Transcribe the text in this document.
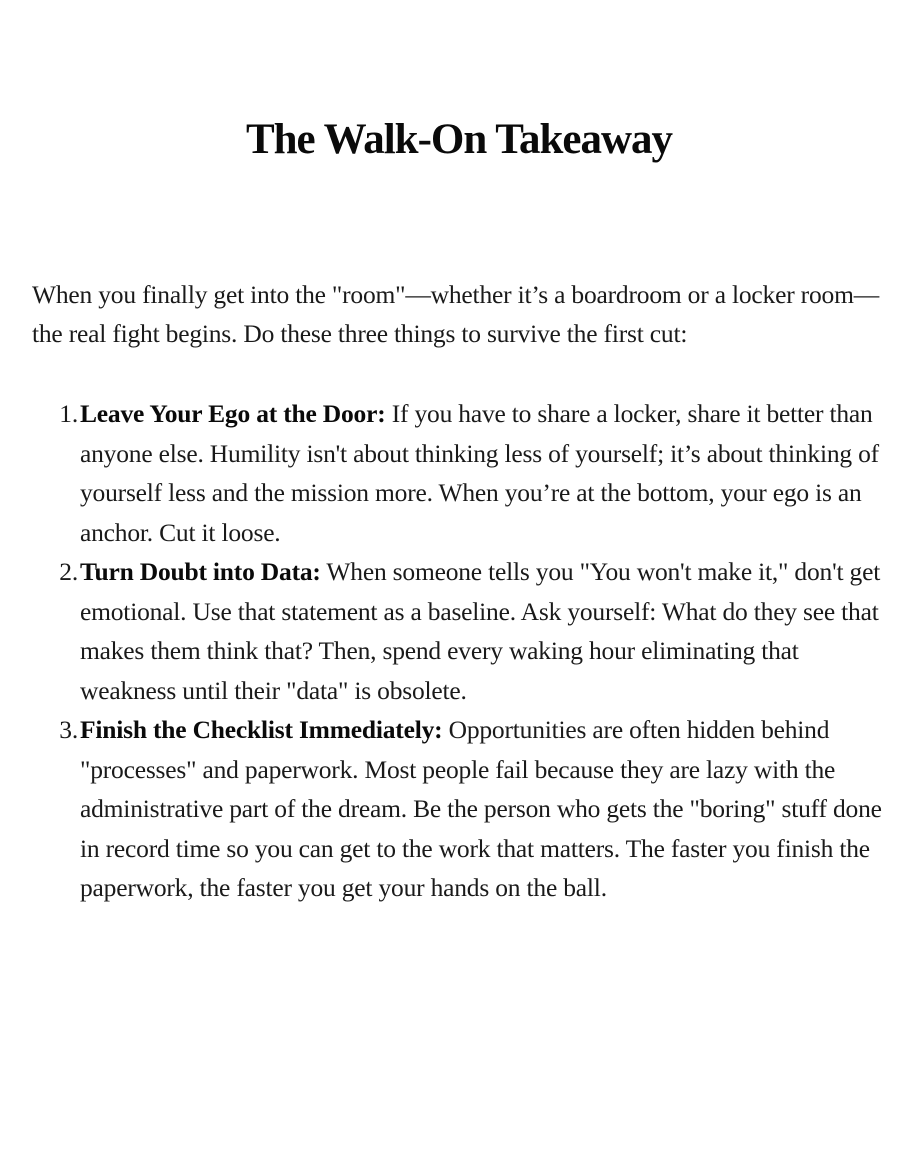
The Walk-On Takeaway

When you finally get into the "room"—whether it’s a boardroom or a locker room—the real fight begins. Do these three things to survive the first cut:

1. Leave Your Ego at the Door: If you have to share a locker, share it better than anyone else. Humility isn't about thinking less of yourself; it’s about thinking of yourself less and the mission more. When you’re at the bottom, your ego is an anchor. Cut it loose.
2. Turn Doubt into Data: When someone tells you "You won't make it," don't get emotional. Use that statement as a baseline. Ask yourself: What do they see that makes them think that? Then, spend every waking hour eliminating that weakness until their "data" is obsolete.
3. Finish the Checklist Immediately: Opportunities are often hidden behind "processes" and paperwork. Most people fail because they are lazy with the administrative part of the dream. Be the person who gets the "boring" stuff done in record time so you can get to the work that matters. The faster you finish the paperwork, the faster you get your hands on the ball.
